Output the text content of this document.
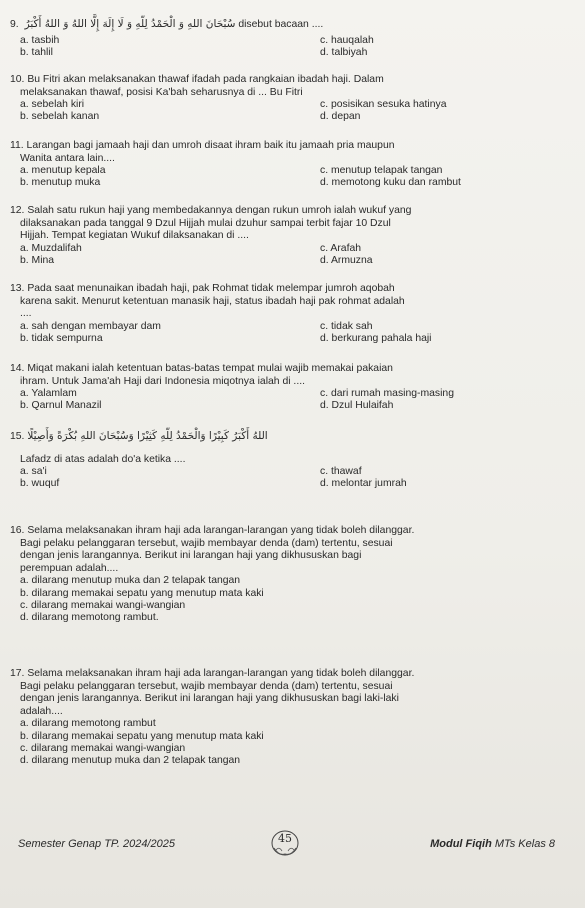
9. سُبْحَانَ اللهِ وَ الْحَمْدُ لِلّهِ وَ لَا إِلَهَ إِلَّا اللهُ وَ اللهُ أَكْبَرُ disebut bacaan ....
a. tasbih	c. hauqalah
b. tahlil	d. talbiyah
10. Bu Fitri akan melaksanakan thawaf ifadah pada rangkaian ibadah haji. Dalam
melaksanakan thawaf, posisi Ka'bah seharusnya di ... Bu Fitri
a. sebelah kiri	c. posisikan sesuka hatinya
b. sebelah kanan	d. depan
11. Larangan bagi jamaah haji dan umroh disaat ihram baik itu jamaah pria maupun
Wanita antara lain....
a. menutup kepala	c. menutup telapak tangan
b. menutup muka	d. memotong kuku dan rambut
12. Salah satu rukun haji yang membedakannya dengan rukun umroh ialah wukuf yang
dilaksanakan pada tanggal 9 Dzul Hijjah mulai dzuhur sampai terbit fajar 10 Dzul
Hijjah. Tempat kegiatan Wukuf dilaksanakan di ....
a. Muzdalifah	c. Arafah
b. Mina	d. Armuzna
13. Pada saat menunaikan ibadah haji, pak Rohmat tidak melempar jumroh aqobah
karena sakit. Menurut ketentuan manasik haji, status ibadah haji pak rohmat adalah
....
a. sah dengan membayar dam	c. tidak sah
b. tidak sempurna	d. berkurang pahala haji
14. Miqat makani ialah ketentuan batas-batas tempat mulai wajib memakai pakaian
ihram. Untuk Jama'ah Haji dari Indonesia miqotnya ialah di ....
a. Yalamlam	c. dari rumah masing-masing
b. Qarnul Manazil	d. Dzul Hulaifah
15. اللهُ أَكْبَرُ كَبِيْرًا وَالْحَمْدُ لِلّهِ كَثِيْرًا وَسُبْحَانَ اللهِ بُكْرَةً وَأَصِيْلًا
Lafadz di atas adalah do'a ketika ....
a. sa'i	c. thawaf
b. wuquf	d. melontar jumrah
16. Selama melaksanakan ihram haji ada larangan-larangan yang tidak boleh dilanggar.
Bagi pelaku pelanggaran tersebut, wajib membayar denda (dam) tertentu, sesuai
dengan jenis larangannya. Berikut ini larangan haji yang dikhususkan bagi
perempuan adalah....
a. dilarang menutup muka dan 2 telapak tangan
b. dilarang memakai sepatu yang menutup mata kaki
c. dilarang memakai wangi-wangian
d. dilarang memotong rambut.
17. Selama melaksanakan ihram haji ada larangan-larangan yang tidak boleh dilanggar.
Bagi pelaku pelanggaran tersebut, wajib membayar denda (dam) tertentu, sesuai
dengan jenis larangannya. Berikut ini larangan haji yang dikhususkan bagi laki-laki
adalah....
a. dilarang memotong rambut
b. dilarang memakai sepatu yang menutup mata kaki
c. dilarang memakai wangi-wangian
d. dilarang menutup muka dan 2 telapak tangan
Semester Genap TP. 2024/2025	45	Modul Fiqih MTs Kelas 8
